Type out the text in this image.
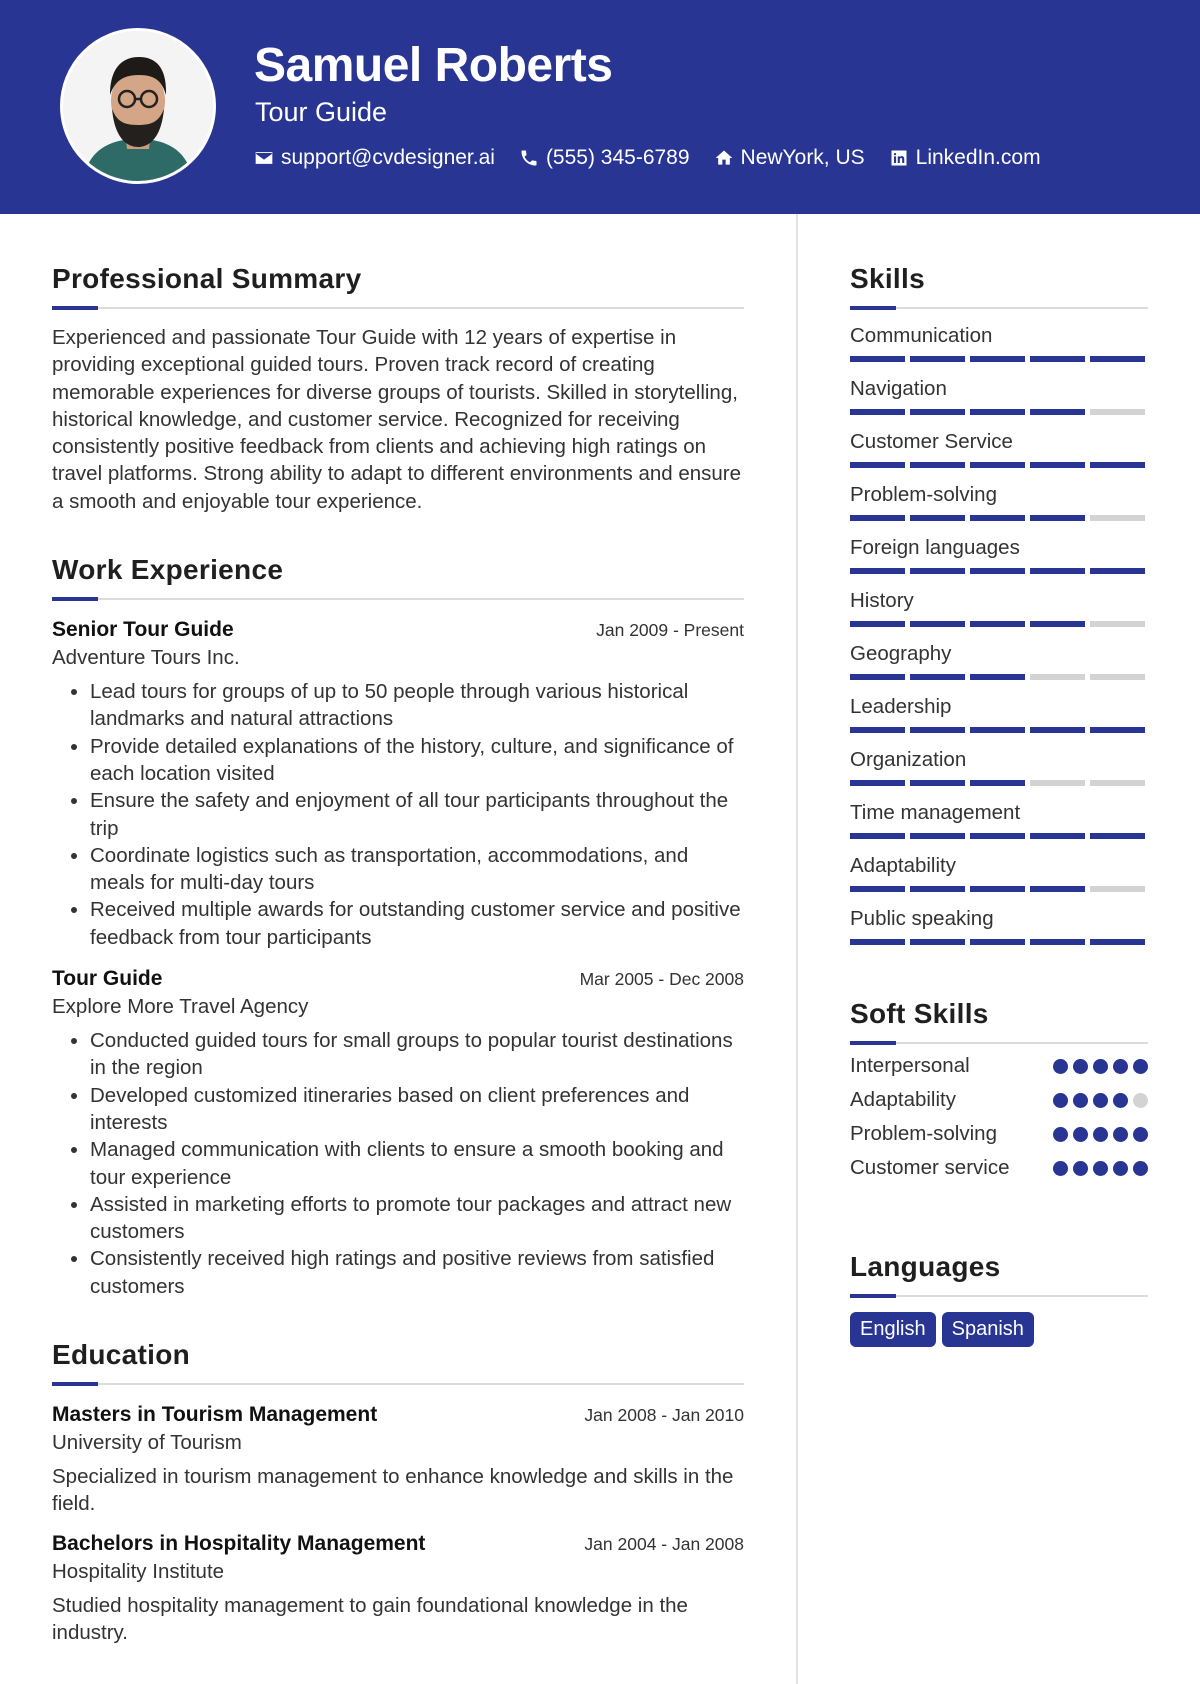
Samuel Roberts
Tour Guide
support@cvdesigner.ai (555) 345-6789 NewYork, US LinkedIn.com
Professional Summary
Experienced and passionate Tour Guide with 12 years of expertise in providing exceptional guided tours. Proven track record of creating memorable experiences for diverse groups of tourists. Skilled in storytelling, historical knowledge, and customer service. Recognized for receiving consistently positive feedback from clients and achieving high ratings on travel platforms. Strong ability to adapt to different environments and ensure a smooth and enjoyable tour experience.
Work Experience
Senior Tour Guide	Jan 2009 - Present
Adventure Tours Inc.
• Lead tours for groups of up to 50 people through various historical landmarks and natural attractions
• Provide detailed explanations of the history, culture, and significance of each location visited
• Ensure the safety and enjoyment of all tour participants throughout the trip
• Coordinate logistics such as transportation, accommodations, and meals for multi-day tours
• Received multiple awards for outstanding customer service and positive feedback from tour participants
Tour Guide	Mar 2005 - Dec 2008
Explore More Travel Agency
• Conducted guided tours for small groups to popular tourist destinations in the region
• Developed customized itineraries based on client preferences and interests
• Managed communication with clients to ensure a smooth booking and tour experience
• Assisted in marketing efforts to promote tour packages and attract new customers
• Consistently received high ratings and positive reviews from satisfied customers
Education
Masters in Tourism Management	Jan 2008 - Jan 2010
University of Tourism
Specialized in tourism management to enhance knowledge and skills in the field.
Bachelors in Hospitality Management	Jan 2004 - Jan 2008
Hospitality Institute
Studied hospitality management to gain foundational knowledge in the industry.
Skills
Communication
Navigation
Customer Service
Problem-solving
Foreign languages
History
Geography
Leadership
Organization
Time management
Adaptability
Public speaking
Soft Skills
Interpersonal
Adaptability
Problem-solving
Customer service
Languages
English	Spanish
